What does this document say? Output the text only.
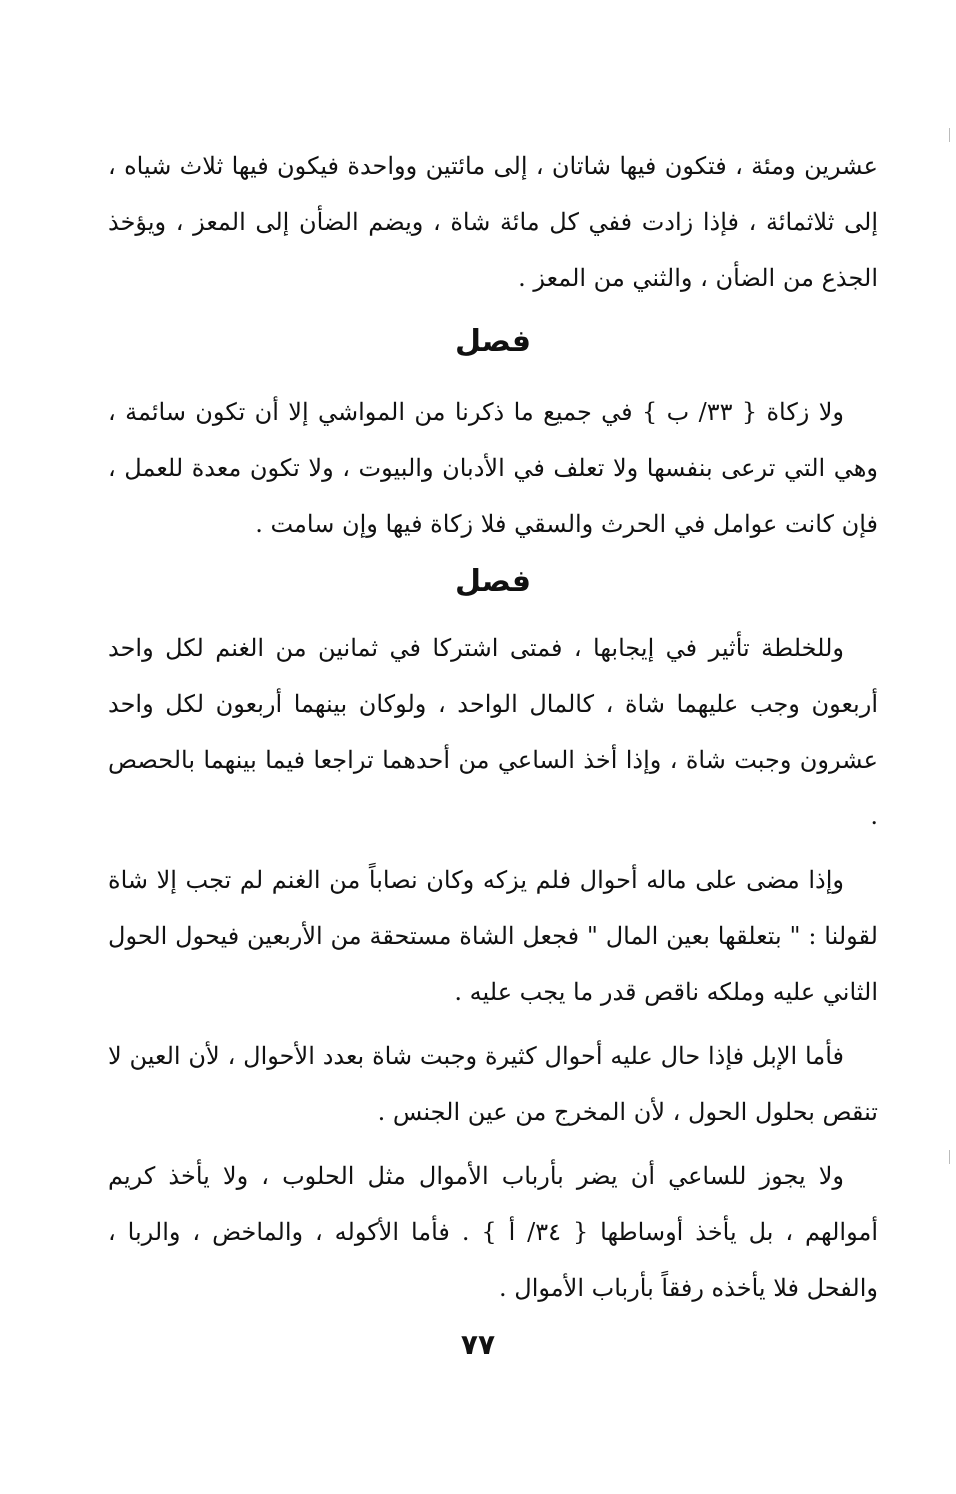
عشرين ومئة ، فتكون فيها شاتان ، إلى مائتين وواحدة فيكون فيها ثلاث شياه ، إلى ثلاثمائة ، فإذا زادت ففي كل مائة شاة ، ويضم الضأن إلى المعز ، ويؤخذ الجذع من الضأن ، والثني من المعز .

فصل

ولا زكاة { ٣٣/ ب } في جميع ما ذكرنا من المواشي إلا أن تكون سائمة ، وهي التي ترعى بنفسها ولا تعلف في الأدبان والبيوت ، ولا تكون معدة للعمل ، فإن كانت عوامل في الحرث والسقي فلا زكاة فيها وإن سامت .

فصل

وللخلطة تأثير في إيجابها ، فمتى اشتركا في ثمانين من الغنم لكل واحد أربعون وجب عليهما شاة ، كالمال الواحد ، ولوكان بينهما أربعون لكل واحد عشرون وجبت شاة ، وإذا أخذ الساعي من أحدهما تراجعا فيما بينهما بالحصص .

وإذا مضى على ماله أحوال فلم يزكه وكان نصاباً من الغنم لم تجب إلا شاة لقولنا : " بتعلقها بعين المال " فجعل الشاة مستحقة من الأربعين فيحول الحول الثاني عليه وملكه ناقص قدر ما يجب عليه .

فأما الإبل فإذا حال عليه أحوال كثيرة وجبت شاة بعدد الأحوال ، لأن العين لا تنقص بحلول الحول ، لأن المخرج من عين الجنس .

ولا يجوز للساعي أن يضر بأرباب الأموال مثل الحلوب ، ولا يأخذ كريم أموالهم ، بل يأخذ أوساطها { ٣٤/ أ } . فأما الأكوله ، والماخض ، والربا ، والفحل فلا يأخذه رفقاً بأرباب الأموال .

٧٧
